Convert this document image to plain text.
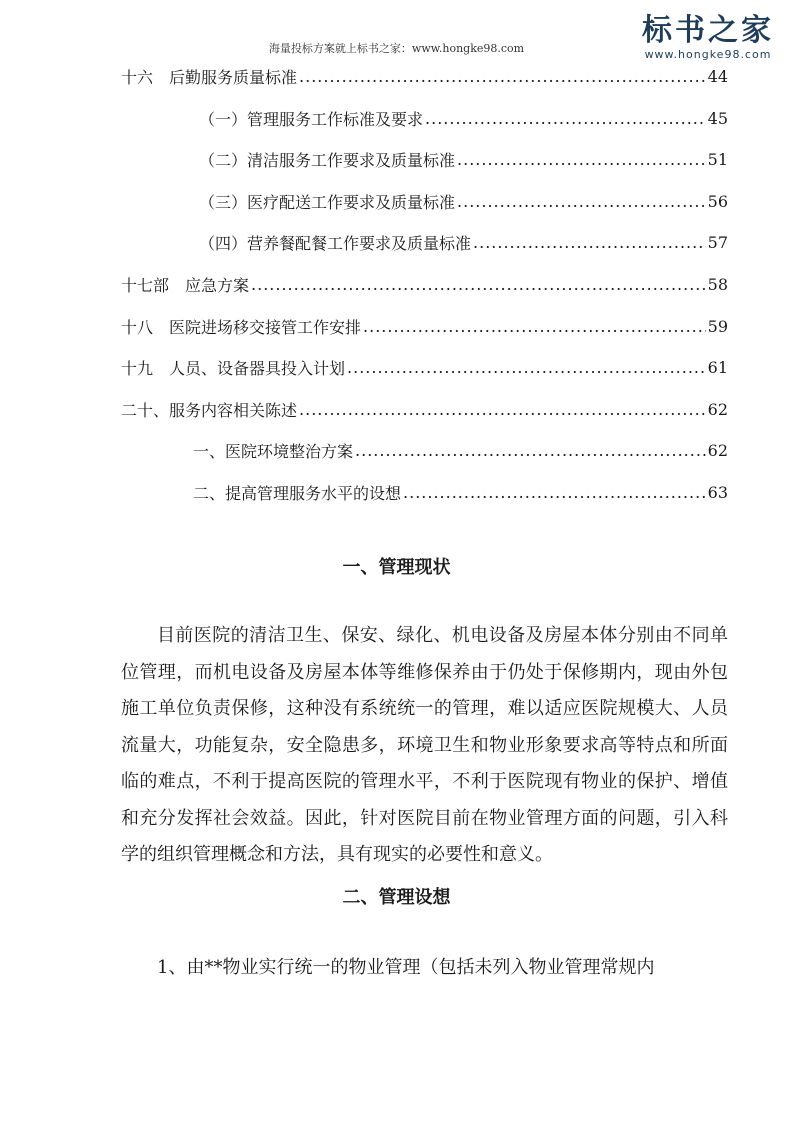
海量投标方案就上标书之家：www.hongke98.com
标书之家
www.hongke98.com
十六　后勤服务质量标准 .....	44
（一）管理服务工作标准及要求 .....	45
（二）清洁服务工作要求及质量标准 .....	51
（三）医疗配送工作要求及质量标准 .....	56
（四）营养餐配餐工作要求及质量标准 .....	57
十七部　应急方案 .....	58
十八　医院进场移交接管工作安排 .....	59
十九　人员、设备器具投入计划 .....	61
二十、服务内容相关陈述 .....	62
一、医院环境整治方案 .....	62
二、提高管理服务水平的设想 .....	63
一、管理现状

目前医院的清洁卫生、保安、绿化、机电设备及房屋本体分别由不同单位管理，而机电设备及房屋本体等维修保养由于仍处于保修期内，现由外包施工单位负责保修，这种没有系统统一的管理，难以适应医院规模大、人员流量大，功能复杂，安全隐患多，环境卫生和物业形象要求高等特点和所面临的难点，不利于提高医院的管理水平，不利于医院现有物业的保护、增值和充分发挥社会效益。因此，针对医院目前在物业管理方面的问题，引入科学的组织管理概念和方法，具有现实的必要性和意义。

二、管理设想

1、由**物业实行统一的物业管理（包括未列入物业管理常规内
